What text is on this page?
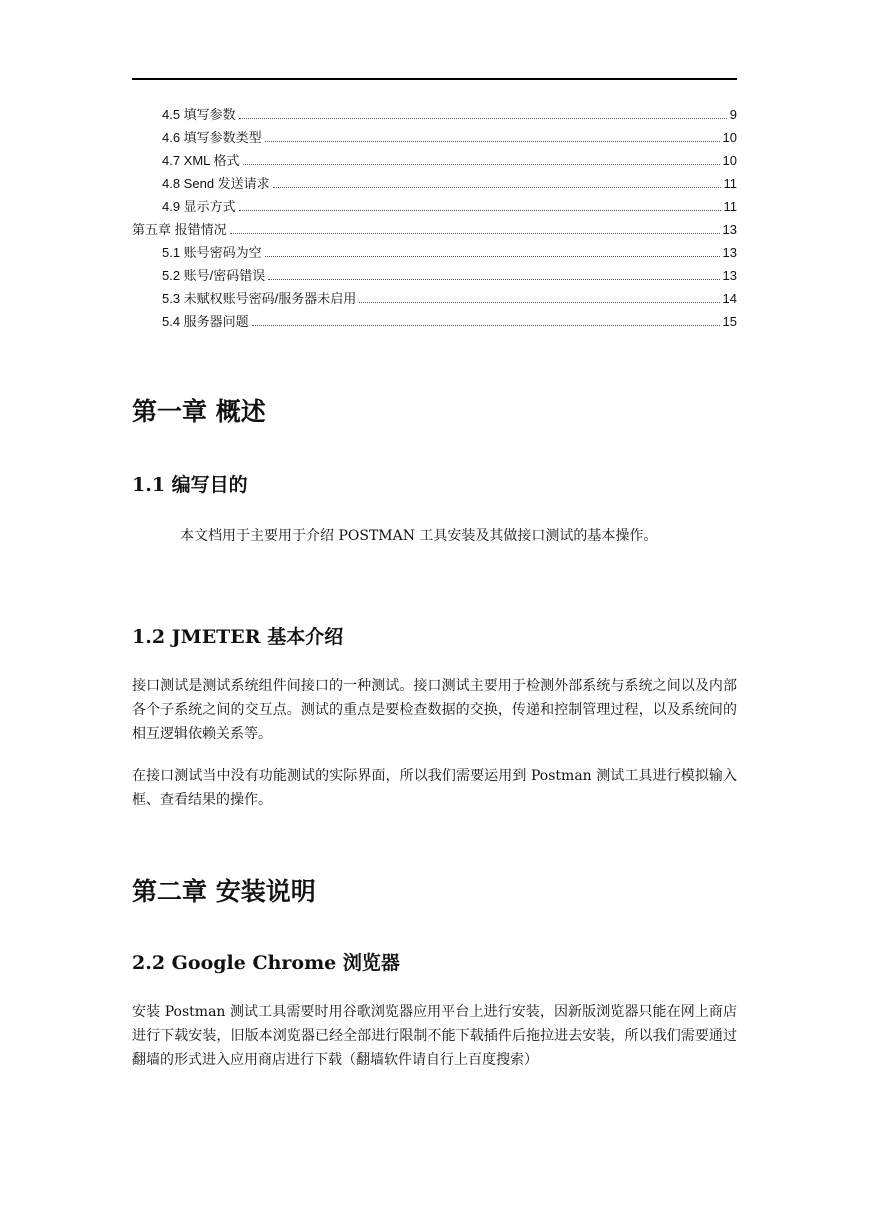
4.5 填写参数	9
4.6 填写参数类型	10
4.7 XML 格式	10
4.8 Send 发送请求	11
4.9 显示方式	11
第五章 报错情况	13
5.1 账号密码为空	13
5.2 账号/密码错误	13
5.3 未赋权账号密码/服务器未启用	14
5.4 服务器问题	15
第一章 概述
1.1 编写目的

本文档用于主要用于介绍 POSTMAN 工具安装及其做接口测试的基本操作。

1.2 JMETER 基本介绍

接口测试是测试系统组件间接口的一种测试。接口测试主要用于检测外部系统与系统之间以及内部各个子系统之间的交互点。测试的重点是要检查数据的交换，传递和控制管理过程，以及系统间的相互逻辑依赖关系等。

在接口测试当中没有功能测试的实际界面，所以我们需要运用到 Postman 测试工具进行模拟输入框、查看结果的操作。

第二章 安装说明
2.2 Google Chrome 浏览器

安装 Postman 测试工具需要时用谷歌浏览器应用平台上进行安装，因新版浏览器只能在网上商店进行下载安装，旧版本浏览器已经全部进行限制不能下载插件后拖拉进去安装，所以我们需要通过翻墙的形式进入应用商店进行下载（翻墙软件请自行上百度搜索）
